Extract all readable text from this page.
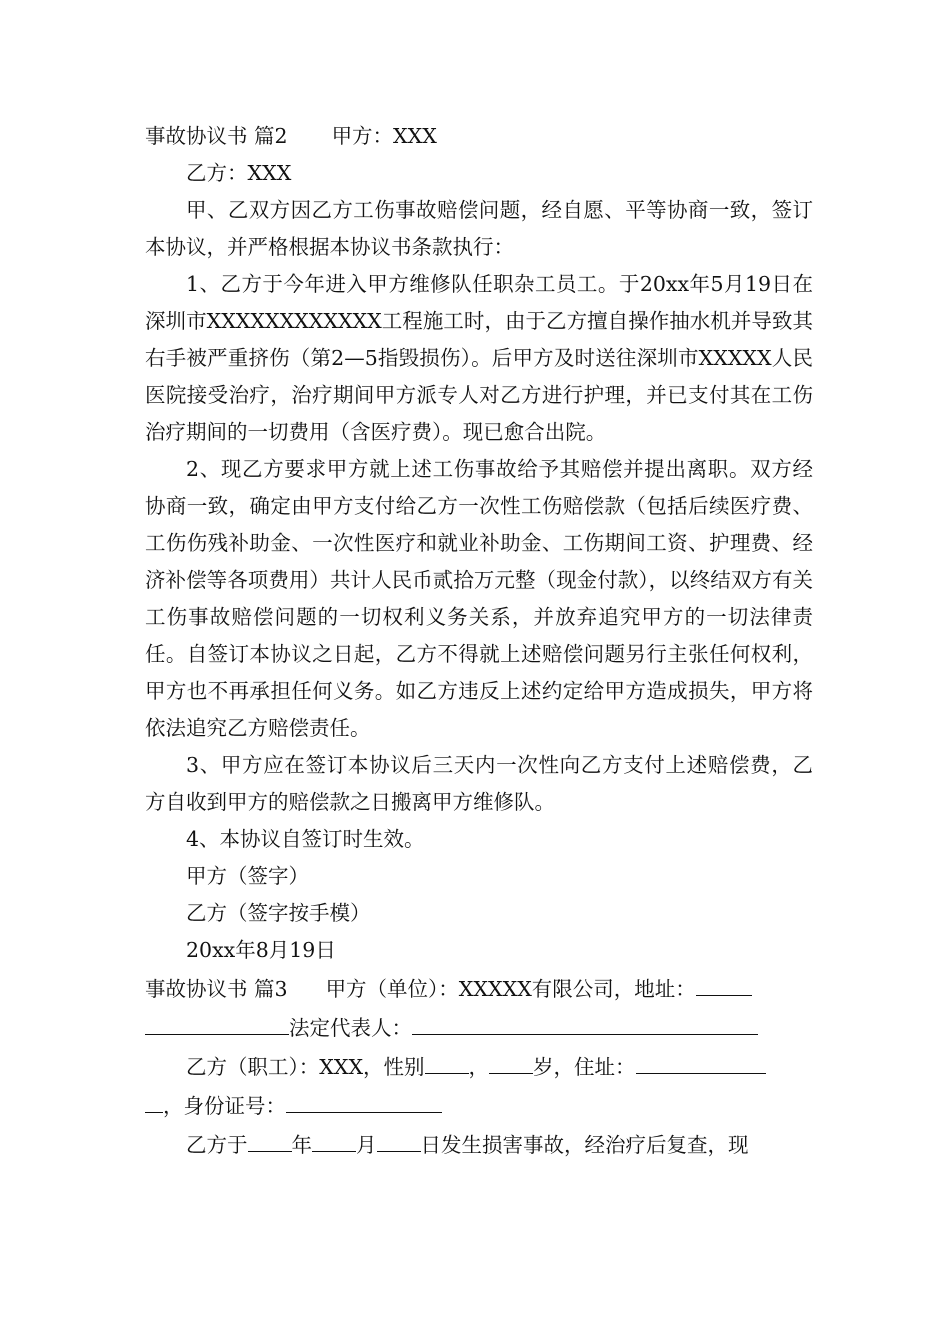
事故协议书 篇2 甲方：XXX

乙方：XXX

甲、乙双方因乙方工伤事故赔偿问题，经自愿、平等协商一致，签订本协议，并严格根据本协议书条款执行：

1、乙方于今年进入甲方维修队任职杂工员工。于20xx年5月19日在深圳市XXXXXXXXXXXX工程施工时，由于乙方擅自操作抽水机并导致其右手被严重挤伤（第2—5指毁损伤）。后甲方及时送往深圳市XXXXX人民医院接受治疗，治疗期间甲方派专人对乙方进行护理，并已支付其在工伤治疗期间的一切费用（含医疗费）。现已愈合出院。

2、现乙方要求甲方就上述工伤事故给予其赔偿并提出离职。双方经协商一致，确定由甲方支付给乙方一次性工伤赔偿款（包括后续医疗费、工伤伤残补助金、一次性医疗和就业补助金、工伤期间工资、护理费、经济补偿等各项费用）共计人民币贰拾万元整（现金付款），以终结双方有关工伤事故赔偿问题的一切权利义务关系，并放弃追究甲方的一切法律责任。自签订本协议之日起，乙方不得就上述赔偿问题另行主张任何权利，甲方也不再承担任何义务。如乙方违反上述约定给甲方造成损失，甲方将依法追究乙方赔偿责任。

3、甲方应在签订本协议后三天内一次性向乙方支付上述赔偿费，乙方自收到甲方的赔偿款之日搬离甲方维修队。

4、本协议自签订时生效。

甲方（签字）

乙方（签字按手模）

20xx年8月19日

事故协议书 篇3 甲方（单位）：XXXXX有限公司，地址：

法定代表人：

乙方（职工）：XXX，性别 ， 岁，住址：

，身份证号：

乙方于 年 月 日发生损害事故，经治疗后复查，现
